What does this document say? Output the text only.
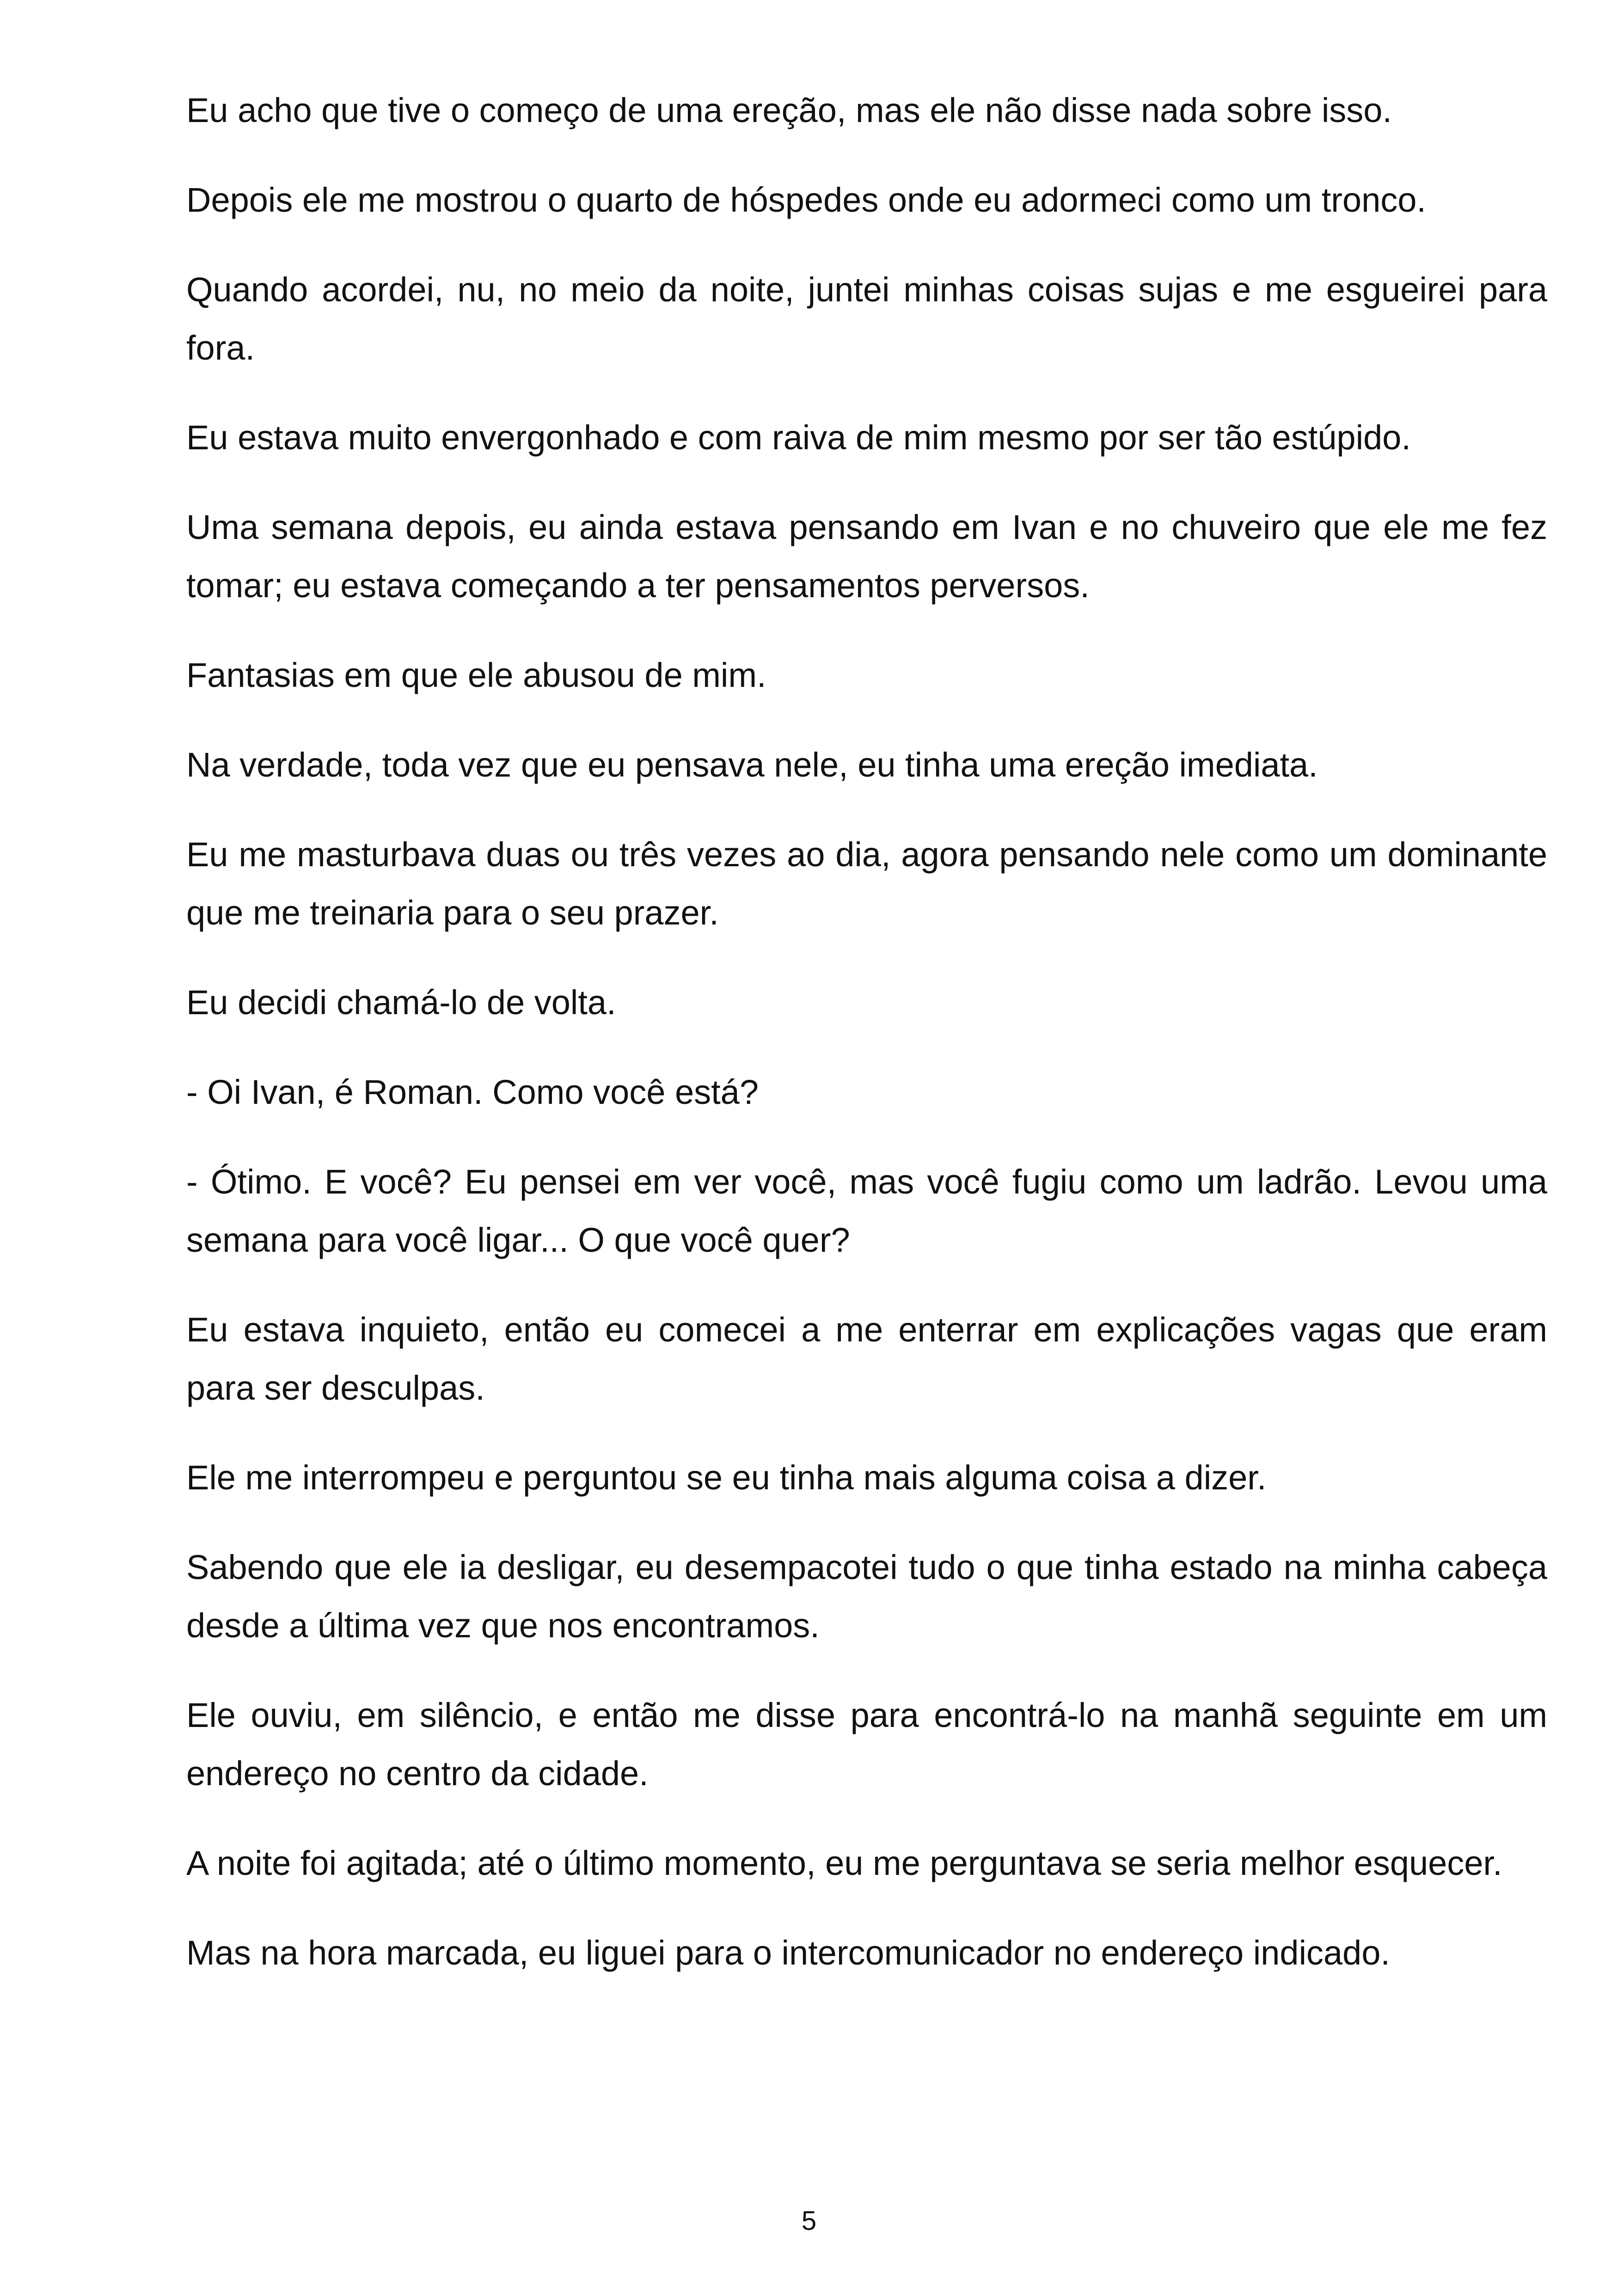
Eu acho que tive o começo de uma ereção, mas ele não disse nada sobre isso.

Depois ele me mostrou o quarto de hóspedes onde eu adormeci como um tronco.

Quando acordei, nu, no meio da noite, juntei minhas coisas sujas e me esgueirei para fora.

Eu estava muito envergonhado e com raiva de mim mesmo por ser tão estúpido.

Uma semana depois, eu ainda estava pensando em Ivan e no chuveiro que ele me fez tomar; eu estava começando a ter pensamentos perversos.

Fantasias em que ele abusou de mim.

Na verdade, toda vez que eu pensava nele, eu tinha uma ereção imediata.

Eu me masturbava duas ou três vezes ao dia, agora pensando nele como um dominante que me treinaria para o seu prazer.

Eu decidi chamá-lo de volta.

- Oi Ivan, é Roman. Como você está?

- Ótimo. E você? Eu pensei em ver você, mas você fugiu como um ladrão. Levou uma semana para você ligar... O que você quer?

Eu estava inquieto, então eu comecei a me enterrar em explicações vagas que eram para ser desculpas.

Ele me interrompeu e perguntou se eu tinha mais alguma coisa a dizer.

Sabendo que ele ia desligar, eu desempacotei tudo o que tinha estado na minha cabeça desde a última vez que nos encontramos.

Ele ouviu, em silêncio, e então me disse para encontrá-lo na manhã seguinte em um endereço no centro da cidade.

A noite foi agitada; até o último momento, eu me perguntava se seria melhor esquecer.

Mas na hora marcada, eu liguei para o intercomunicador no endereço indicado.

5
